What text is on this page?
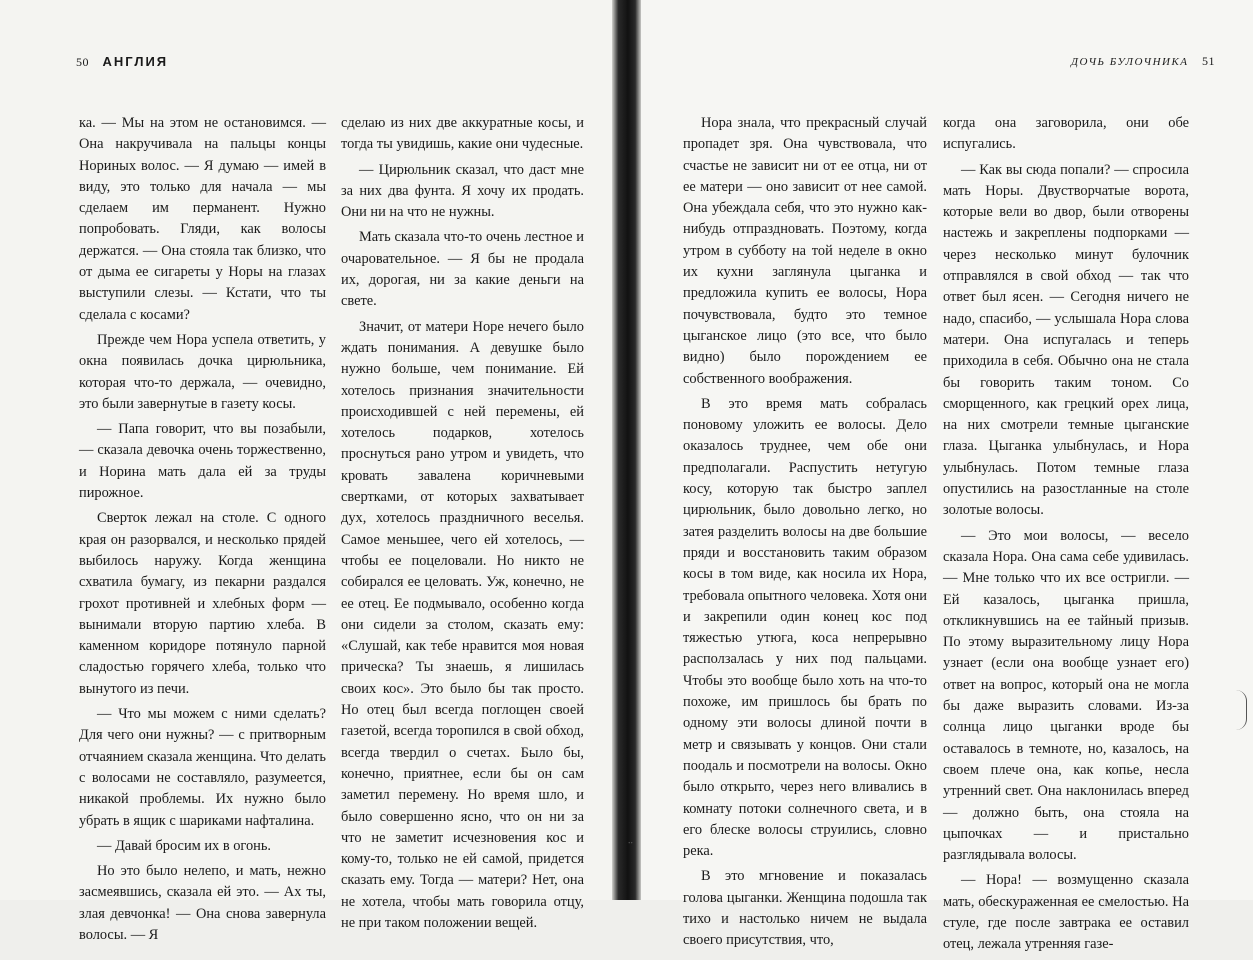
50 АНГЛИЯ

ка. — Мы на этом не остановимся. — Она накручивала на пальцы концы Нориных волос. — Я думаю — имей в виду, это только для начала — мы сделаем им перманент. Нужно попробовать. Гляди, как волосы держатся. — Она стояла так близко, что от дыма ее сигареты у Норы на глазах выступили слезы. — Кстати, что ты сделала с косами?

Прежде чем Нора успела ответить, у окна появилась дочка цирюльника, которая что-то держала, — очевидно, это были завернутые в газету косы.

— Папа говорит, что вы позабыли, — сказала девочка очень торжественно, и Норина мать дала ей за труды пирожное.

Сверток лежал на столе. С одного края он разорвался, и несколько прядей выбилось наружу. Когда женщина схватила бумагу, из пекарни раздался грохот противней и хлебных форм — вынимали вторую партию хлеба. В каменном коридоре потянуло парной сладостью горячего хлеба, только что вынутого из печи.

— Что мы можем с ними сделать? Для чего они нужны? — с притворным отчаянием сказала женщина. Что делать с волосами не составляло, разумеется, никакой проблемы. Их нужно было убрать в ящик с шариками нафталина.

— Давай бросим их в огонь.

Но это было нелепо, и мать, нежно засмеявшись, сказала ей это. — Ах ты, злая девчонка! — Она снова завернула волосы. — Я

сделаю из них две аккуратные косы, и тогда ты увидишь, какие они чудесные.

— Цирюльник сказал, что даст мне за них два фунта. Я хочу их продать. Они ни на что не нужны.

Мать сказала что-то очень лестное и очаровательное. — Я бы не продала их, дорогая, ни за какие деньги на свете.

Значит, от матери Норе нечего было ждать понимания. А девушке было нужно больше, чем понимание. Ей хотелось признания значительности происходившей с ней перемены, ей хотелось подарков, хотелось проснуться рано утром и увидеть, что кровать завалена коричневыми свертками, от которых захватывает дух, хотелось праздничного веселья. Самое меньшее, чего ей хотелось, — чтобы ее поцеловали. Но никто не собирался ее целовать. Уж, конечно, не ее отец. Ее подмывало, особенно когда они сидели за столом, сказать ему: «Слушай, как тебе нравится моя новая прическа? Ты знаешь, я лишилась своих кос». Это было бы так просто. Но отец был всегда поглощен своей газетой, всегда торопился в свой обход, всегда твердил о счетах. Было бы, конечно, приятнее, если бы он сам заметил перемену. Но время шло, и было совершенно ясно, что он ни за что не заметит исчезновения кос и кому-то, только не ей самой, придется сказать ему. Тогда — матери? Нет, она не хотела, чтобы мать говорила отцу, не при таком положении вещей.

∙∙
ДОЧЬ БУЛОЧНИКА 51

Нора знала, что прекрасный случай пропадет зря. Она чувствовала, что счастье не зависит ни от ее отца, ни от ее матери — оно зависит от нее самой. Она убеждала себя, что это нужно как-нибудь отпраздновать. Поэтому, когда утром в субботу на той неделе в окно их кухни заглянула цыганка и предложила купить ее волосы, Нора почувствовала, будто это темное цыганское лицо (это все, что было видно) было порождением ее собственного воображения.

В это время мать собралась поновому уложить ее волосы. Дело оказалось труднее, чем обе они предполагали. Распустить нетугую косу, которую так быстро заплел цирюльник, было довольно легко, но затея разделить волосы на две большие пряди и восстановить таким образом косы в том виде, как носила их Нора, требовала опытного человека. Хотя они и закрепили один конец кос под тяжестью утюга, коса непрерывно расползалась у них под пальцами. Чтобы это вообще было хоть на что-то похоже, им пришлось бы брать по одному эти волосы длиной почти в метр и связывать у концов. Они стали поодаль и посмотрели на волосы. Окно было открыто, через него вливались в комнату потоки солнечного света, и в его блеске волосы струились, словно река.

В это мгновение и показалась голова цыганки. Женщина подошла так тихо и настолько ничем не выдала своего присутствия, что,

когда она заговорила, они обе испугались.

— Как вы сюда попали? — спросила мать Норы. Двустворчатые ворота, которые вели во двор, были отворены настежь и закреплены подпорками — через несколько минут булочник отправлялся в свой обход — так что ответ был ясен. — Сегодня ничего не надо, спасибо, — услышала Нора слова матери. Она испугалась и теперь приходила в себя. Обычно она не стала бы говорить таким тоном. Со сморщенного, как грецкий орех лица, на них смотрели темные цыганские глаза. Цыганка улыбнулась, и Нора улыбнулась. Потом темные глаза опустились на разостланные на столе золотые волосы.

— Это мои волосы, — весело сказала Нора. Она сама себе удивилась. — Мне только что их все остригли. — Ей казалось, цыганка пришла, откликнувшись на ее тайный призыв. По этому выразительному лицу Нора узнает (если она вообще узнает его) ответ на вопрос, который она не могла бы даже выразить словами. Из-за солнца лицо цыганки вроде бы оставалось в темноте, но, казалось, на своем плече она, как копье, несла утренний свет. Она наклонилась вперед — должно быть, она стояла на цыпочках — и пристально разглядывала волосы.

— Нора! — возмущенно сказала мать, обескураженная ее смелостью. На стуле, где после завтрака ее оставил отец, лежала утренняя газе-
